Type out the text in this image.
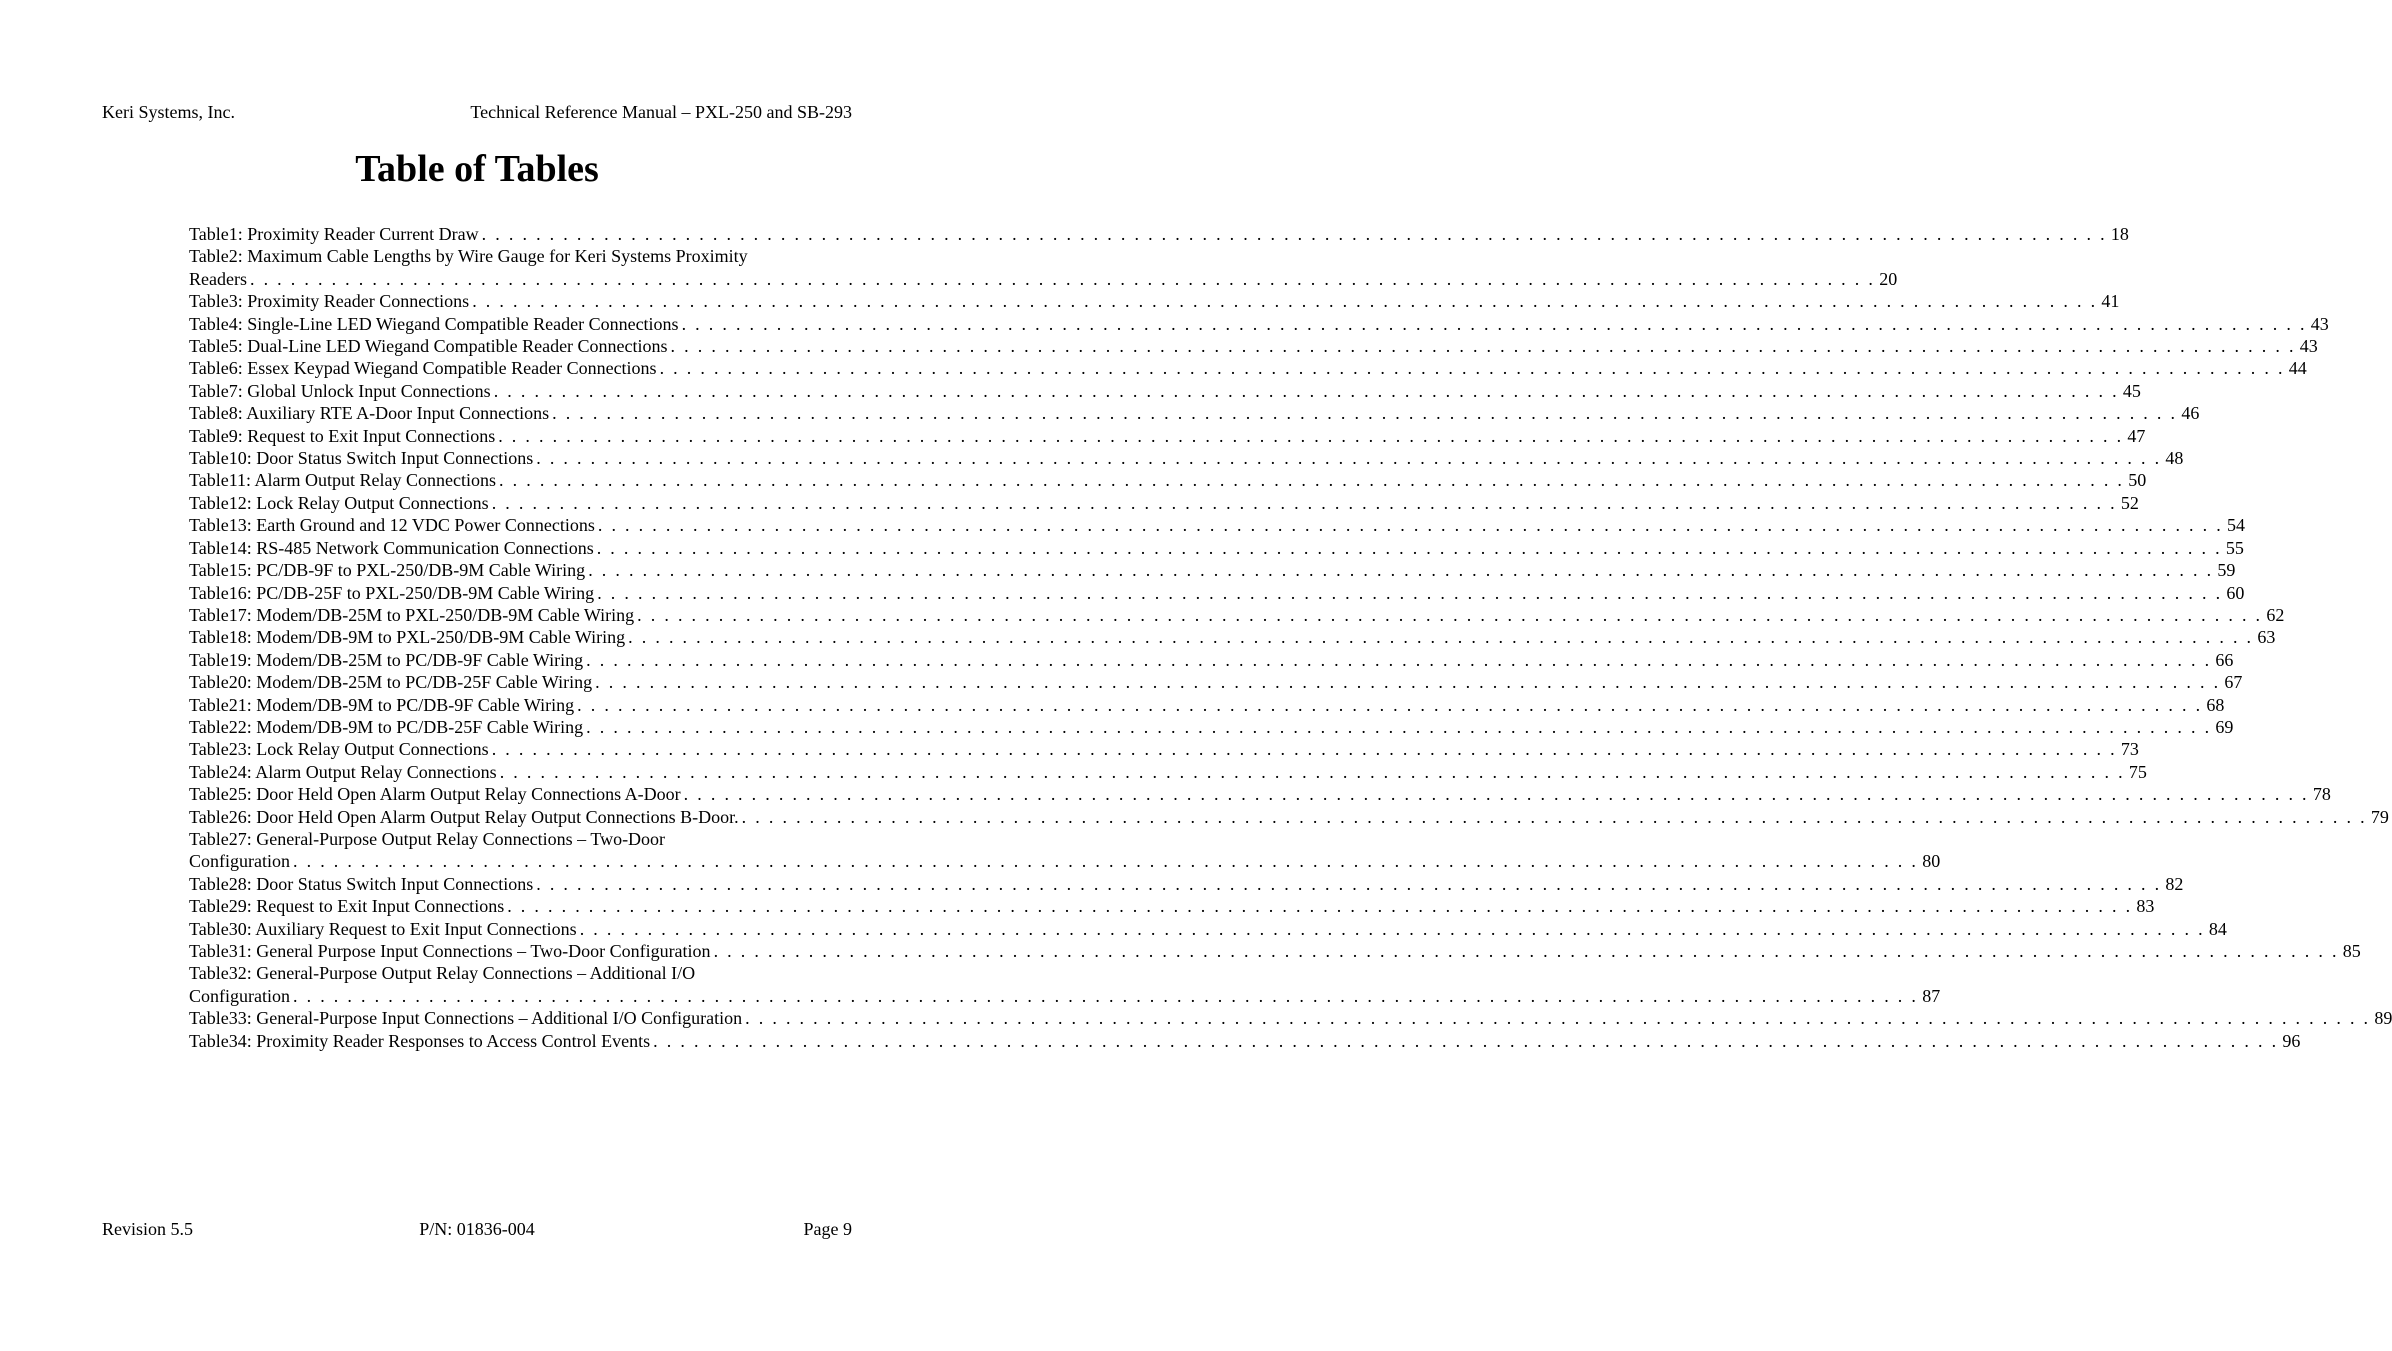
Keri Systems, Inc.	Technical Reference Manual – PXL-250 and SB-293
Table of Tables
Table1: Proximity Reader Current Draw . . . . . . . . . . . . . . . . . . . . . . . . . . . . . . . . . . . . . . . . . . . . . . . . . . . . . . . . . . . . . . . . . . . . . . . . . . . . . . . . . . . . . . . . . . . . . . . . . . . . . . . . . . . . . . . . . . . . . . . . 18
Table2: Maximum Cable Lengths by Wire Gauge for Keri Systems Proximity
Readers . . . . . . . . . . . . . . . . . . . . . . . . . . . . . . . . . . . . . . . . . . . . . . . . . . . . . . . . . . . . . . . . . . . . . . . . . . . . . . . . . . . . . . . . . . . . . . . . . . . . . . . . . . . . . . . . . . . . . . . . 20
Table3: Proximity Reader Connections . . . . . . . . . . . . . . . . . . . . . . . . . . . . . . . . . . . . . . . . . . . . . . . . . . . . . . . . . . . . . . . . . . . . . . . . . . . . . . . . . . . . . . . . . . . . . . . . . . . . . . . . . . . . . . . . . . . . . . . . 41
Table4: Single-Line LED Wiegand Compatible Reader Connections . . . . . . . . . . . . . . . . . . . . . . . . . . . . . . . . . . . . . . . . . . . . . . . . . . . . . . . . . . . . . . . . . . . . . . . . . . . . . . . . . . . . . . . . . . . . . . . . . . . . . . . . . . . . . . . . . . . . . . . . 43
Table5: Dual-Line LED Wiegand Compatible Reader Connections . . . . . . . . . . . . . . . . . . . . . . . . . . . . . . . . . . . . . . . . . . . . . . . . . . . . . . . . . . . . . . . . . . . . . . . . . . . . . . . . . . . . . . . . . . . . . . . . . . . . . . . . . . . . . . . . . . . . . . . . 43
Table6: Essex Keypad Wiegand Compatible Reader Connections . . . . . . . . . . . . . . . . . . . . . . . . . . . . . . . . . . . . . . . . . . . . . . . . . . . . . . . . . . . . . . . . . . . . . . . . . . . . . . . . . . . . . . . . . . . . . . . . . . . . . . . . . . . . . . . . . . . . . . . . 44
Table7: Global Unlock Input Connections . . . . . . . . . . . . . . . . . . . . . . . . . . . . . . . . . . . . . . . . . . . . . . . . . . . . . . . . . . . . . . . . . . . . . . . . . . . . . . . . . . . . . . . . . . . . . . . . . . . . . . . . . . . . . . . . . . . . . . . . 45
Table8: Auxiliary RTE A-Door Input Connections . . . . . . . . . . . . . . . . . . . . . . . . . . . . . . . . . . . . . . . . . . . . . . . . . . . . . . . . . . . . . . . . . . . . . . . . . . . . . . . . . . . . . . . . . . . . . . . . . . . . . . . . . . . . . . . . . . . . . . . . 46
Table9: Request to Exit Input Connections . . . . . . . . . . . . . . . . . . . . . . . . . . . . . . . . . . . . . . . . . . . . . . . . . . . . . . . . . . . . . . . . . . . . . . . . . . . . . . . . . . . . . . . . . . . . . . . . . . . . . . . . . . . . . . . . . . . . . . . . 47
Table10: Door Status Switch Input Connections . . . . . . . . . . . . . . . . . . . . . . . . . . . . . . . . . . . . . . . . . . . . . . . . . . . . . . . . . . . . . . . . . . . . . . . . . . . . . . . . . . . . . . . . . . . . . . . . . . . . . . . . . . . . . . . . . . . . . . . . 48
Table11: Alarm Output Relay Connections . . . . . . . . . . . . . . . . . . . . . . . . . . . . . . . . . . . . . . . . . . . . . . . . . . . . . . . . . . . . . . . . . . . . . . . . . . . . . . . . . . . . . . . . . . . . . . . . . . . . . . . . . . . . . . . . . . . . . . . . 50
Table12: Lock Relay Output Connections . . . . . . . . . . . . . . . . . . . . . . . . . . . . . . . . . . . . . . . . . . . . . . . . . . . . . . . . . . . . . . . . . . . . . . . . . . . . . . . . . . . . . . . . . . . . . . . . . . . . . . . . . . . . . . . . . . . . . . . . 52
Table13: Earth Ground and 12 VDC Power Connections . . . . . . . . . . . . . . . . . . . . . . . . . . . . . . . . . . . . . . . . . . . . . . . . . . . . . . . . . . . . . . . . . . . . . . . . . . . . . . . . . . . . . . . . . . . . . . . . . . . . . . . . . . . . . . . . . . . . . . . . 54
Table14: RS-485 Network Communication Connections . . . . . . . . . . . . . . . . . . . . . . . . . . . . . . . . . . . . . . . . . . . . . . . . . . . . . . . . . . . . . . . . . . . . . . . . . . . . . . . . . . . . . . . . . . . . . . . . . . . . . . . . . . . . . . . . . . . . . . . . 55
Table15: PC/DB-9F to PXL-250/DB-9M Cable Wiring . . . . . . . . . . . . . . . . . . . . . . . . . . . . . . . . . . . . . . . . . . . . . . . . . . . . . . . . . . . . . . . . . . . . . . . . . . . . . . . . . . . . . . . . . . . . . . . . . . . . . . . . . . . . . . . . . . . . . . . . 59
Table16: PC/DB-25F to PXL-250/DB-9M Cable Wiring . . . . . . . . . . . . . . . . . . . . . . . . . . . . . . . . . . . . . . . . . . . . . . . . . . . . . . . . . . . . . . . . . . . . . . . . . . . . . . . . . . . . . . . . . . . . . . . . . . . . . . . . . . . . . . . . . . . . . . . . 60
Table17: Modem/DB-25M to PXL-250/DB-9M Cable Wiring . . . . . . . . . . . . . . . . . . . . . . . . . . . . . . . . . . . . . . . . . . . . . . . . . . . . . . . . . . . . . . . . . . . . . . . . . . . . . . . . . . . . . . . . . . . . . . . . . . . . . . . . . . . . . . . . . . . . . . . . 62
Table18: Modem/DB-9M to PXL-250/DB-9M Cable Wiring . . . . . . . . . . . . . . . . . . . . . . . . . . . . . . . . . . . . . . . . . . . . . . . . . . . . . . . . . . . . . . . . . . . . . . . . . . . . . . . . . . . . . . . . . . . . . . . . . . . . . . . . . . . . . . . . . . . . . . . . 63
Table19: Modem/DB-25M to PC/DB-9F Cable Wiring . . . . . . . . . . . . . . . . . . . . . . . . . . . . . . . . . . . . . . . . . . . . . . . . . . . . . . . . . . . . . . . . . . . . . . . . . . . . . . . . . . . . . . . . . . . . . . . . . . . . . . . . . . . . . . . . . . . . . . . . 66
Table20: Modem/DB-25M to PC/DB-25F Cable Wiring . . . . . . . . . . . . . . . . . . . . . . . . . . . . . . . . . . . . . . . . . . . . . . . . . . . . . . . . . . . . . . . . . . . . . . . . . . . . . . . . . . . . . . . . . . . . . . . . . . . . . . . . . . . . . . . . . . . . . . . . 67
Table21: Modem/DB-9M to PC/DB-9F Cable Wiring . . . . . . . . . . . . . . . . . . . . . . . . . . . . . . . . . . . . . . . . . . . . . . . . . . . . . . . . . . . . . . . . . . . . . . . . . . . . . . . . . . . . . . . . . . . . . . . . . . . . . . . . . . . . . . . . . . . . . . . . 68
Table22: Modem/DB-9M to PC/DB-25F Cable Wiring . . . . . . . . . . . . . . . . . . . . . . . . . . . . . . . . . . . . . . . . . . . . . . . . . . . . . . . . . . . . . . . . . . . . . . . . . . . . . . . . . . . . . . . . . . . . . . . . . . . . . . . . . . . . . . . . . . . . . . . . 69
Table23: Lock Relay Output Connections . . . . . . . . . . . . . . . . . . . . . . . . . . . . . . . . . . . . . . . . . . . . . . . . . . . . . . . . . . . . . . . . . . . . . . . . . . . . . . . . . . . . . . . . . . . . . . . . . . . . . . . . . . . . . . . . . . . . . . . . 73
Table24: Alarm Output Relay Connections . . . . . . . . . . . . . . . . . . . . . . . . . . . . . . . . . . . . . . . . . . . . . . . . . . . . . . . . . . . . . . . . . . . . . . . . . . . . . . . . . . . . . . . . . . . . . . . . . . . . . . . . . . . . . . . . . . . . . . . . 75
Table25: Door Held Open Alarm Output Relay Connections A-Door . . . . . . . . . . . . . . . . . . . . . . . . . . . . . . . . . . . . . . . . . . . . . . . . . . . . . . . . . . . . . . . . . . . . . . . . . . . . . . . . . . . . . . . . . . . . . . . . . . . . . . . . . . . . . . . . . . . . . . . . 78
Table26: Door Held Open Alarm Output Relay Output Connections B-Door. . . . . . . . . . . . . . . . . . . . . . . . . . . . . . . . . . . . . . . . . . . . . . . . . . . . . . . . . . . . . . . . . . . . . . . . . . . . . . . . . . . . . . . . . . . . . . . . . . . . . . . . . . . . . . . . . . . . . . . . . 79
Table27: General-Purpose Output Relay Connections – Two-Door
Configuration . . . . . . . . . . . . . . . . . . . . . . . . . . . . . . . . . . . . . . . . . . . . . . . . . . . . . . . . . . . . . . . . . . . . . . . . . . . . . . . . . . . . . . . . . . . . . . . . . . . . . . . . . . . . . . . . . . . . . . . . 80
Table28: Door Status Switch Input Connections . . . . . . . . . . . . . . . . . . . . . . . . . . . . . . . . . . . . . . . . . . . . . . . . . . . . . . . . . . . . . . . . . . . . . . . . . . . . . . . . . . . . . . . . . . . . . . . . . . . . . . . . . . . . . . . . . . . . . . . . 82
Table29: Request to Exit Input Connections . . . . . . . . . . . . . . . . . . . . . . . . . . . . . . . . . . . . . . . . . . . . . . . . . . . . . . . . . . . . . . . . . . . . . . . . . . . . . . . . . . . . . . . . . . . . . . . . . . . . . . . . . . . . . . . . . . . . . . . . 83
Table30: Auxiliary Request to Exit Input Connections . . . . . . . . . . . . . . . . . . . . . . . . . . . . . . . . . . . . . . . . . . . . . . . . . . . . . . . . . . . . . . . . . . . . . . . . . . . . . . . . . . . . . . . . . . . . . . . . . . . . . . . . . . . . . . . . . . . . . . . . 84
Table31: General Purpose Input Connections – Two-Door Configuration . . . . . . . . . . . . . . . . . . . . . . . . . . . . . . . . . . . . . . . . . . . . . . . . . . . . . . . . . . . . . . . . . . . . . . . . . . . . . . . . . . . . . . . . . . . . . . . . . . . . . . . . . . . . . . . . . . . . . . . . 85
Table32: General-Purpose Output Relay Connections – Additional I/O
Configuration . . . . . . . . . . . . . . . . . . . . . . . . . . . . . . . . . . . . . . . . . . . . . . . . . . . . . . . . . . . . . . . . . . . . . . . . . . . . . . . . . . . . . . . . . . . . . . . . . . . . . . . . . . . . . . . . . . . . . . . . 87
Table33: General-Purpose Input Connections – Additional I/O Configuration . . . . . . . . . . . . . . . . . . . . . . . . . . . . . . . . . . . . . . . . . . . . . . . . . . . . . . . . . . . . . . . . . . . . . . . . . . . . . . . . . . . . . . . . . . . . . . . . . . . . . . . . . . . . . . . . . . . . . . . . 89
Table34: Proximity Reader Responses to Access Control Events . . . . . . . . . . . . . . . . . . . . . . . . . . . . . . . . . . . . . . . . . . . . . . . . . . . . . . . . . . . . . . . . . . . . . . . . . . . . . . . . . . . . . . . . . . . . . . . . . . . . . . . . . . . . . . . . . . . . . . . . 96
Revision 5.5	P/N: 01836-004	Page 9
